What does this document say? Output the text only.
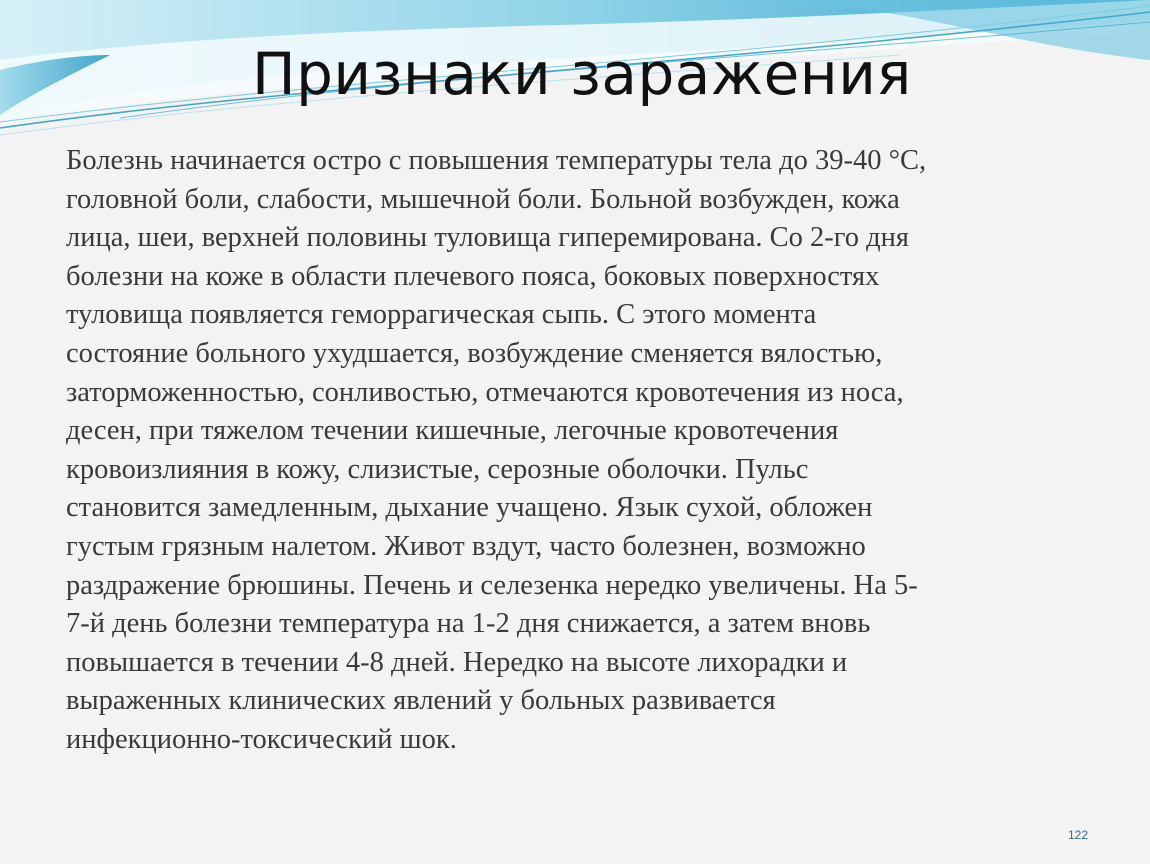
Признаки заражения
Болезнь начинается остро с повышения температуры тела до 39-40 °С,
головной боли, слабости, мышечной боли. Больной возбужден, кожа
лица, шеи, верхней половины туловища гиперемирована. Со 2-го дня
болезни на коже в области плечевого пояса, боковых поверхностях
туловища появляется геморрагическая сыпь. С этого момента
состояние больного ухудшается, возбуждение сменяется вялостью,
заторможенностью, сонливостью, отмечаются кровотечения из носа,
десен, при тяжелом течении кишечные, легочные кровотечения
кровоизлияния в кожу, слизистые, серозные оболочки. Пульс
становится замедленным, дыхание учащено. Язык сухой, обложен
густым грязным налетом. Живот вздут, часто болезнен, возможно
раздражение брюшины. Печень и селезенка нередко увеличены. На 5-
7-й день болезни температура на 1-2 дня снижается, а затем вновь
повышается в течении 4-8 дней. Нередко на высоте лихорадки и
выраженных клинических явлений у больных развивается
инфекционно-токсический шок.
122
